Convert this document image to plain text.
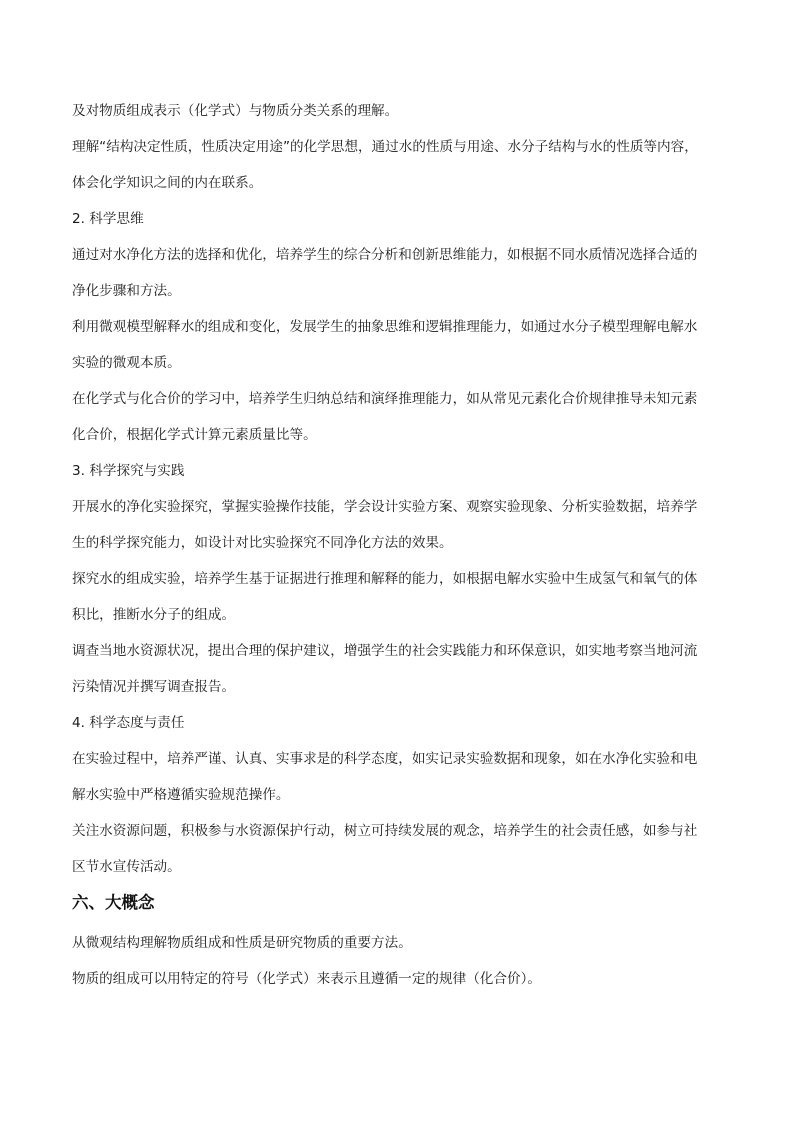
及对物质组成表示（化学式）与物质分类关系的理解。
理解“结构决定性质，性质决定用途”的化学思想，通过水的性质与用途、水分子结构与水的性质等内容，
体会化学知识之间的内在联系。
2. 科学思维
通过对水净化方法的选择和优化，培养学生的综合分析和创新思维能力，如根据不同水质情况选择合适的
净化步骤和方法。
利用微观模型解释水的组成和变化，发展学生的抽象思维和逻辑推理能力，如通过水分子模型理解电解水
实验的微观本质。
在化学式与化合价的学习中，培养学生归纳总结和演绎推理能力，如从常见元素化合价规律推导未知元素
化合价，根据化学式计算元素质量比等。
3. 科学探究与实践
开展水的净化实验探究，掌握实验操作技能，学会设计实验方案、观察实验现象、分析实验数据，培养学
生的科学探究能力，如设计对比实验探究不同净化方法的效果。
探究水的组成实验，培养学生基于证据进行推理和解释的能力，如根据电解水实验中生成氢气和氧气的体
积比，推断水分子的组成。
调查当地水资源状况，提出合理的保护建议，增强学生的社会实践能力和环保意识，如实地考察当地河流
污染情况并撰写调查报告。
4. 科学态度与责任
在实验过程中，培养严谨、认真、实事求是的科学态度，如实记录实验数据和现象，如在水净化实验和电
解水实验中严格遵循实验规范操作。
关注水资源问题，积极参与水资源保护行动，树立可持续发展的观念，培养学生的社会责任感，如参与社
区节水宣传活动。
六、大概念
从微观结构理解物质组成和性质是研究物质的重要方法。
物质的组成可以用特定的符号（化学式）来表示且遵循一定的规律（化合价）。
